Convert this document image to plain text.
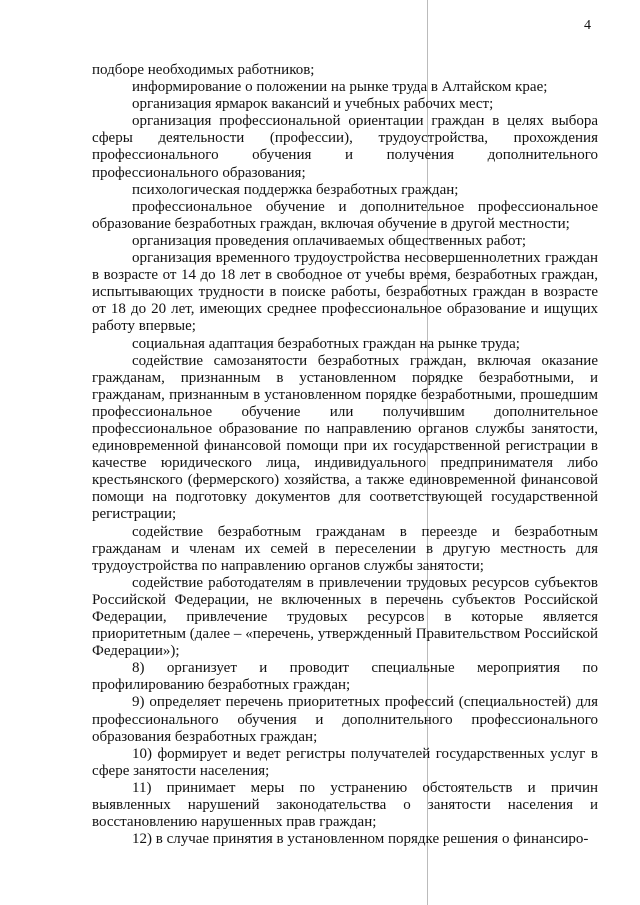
4

подборе необходимых работников;

информирование о положении на рынке труда в Алтайском крае;

организация ярмарок вакансий и учебных рабочих мест;

организация профессиональной ориентации граждан в целях выбора сферы деятельности (профессии), трудоустройства, прохождения профессионального обучения и получения дополнительного профессионального образования;

психологическая поддержка безработных граждан;

профессиональное обучение и дополнительное профессиональное образование безработных граждан, включая обучение в другой местности;

организация проведения оплачиваемых общественных работ;

организация временного трудоустройства несовершеннолетних граждан в возрасте от 14 до 18 лет в свободное от учебы время, безработных граждан, испытывающих трудности в поиске работы, безработных граждан в возрасте от 18 до 20 лет, имеющих среднее профессиональное образование и ищущих работу впервые;

социальная адаптация безработных граждан на рынке труда;

содействие самозанятости безработных граждан, включая оказание гражданам, признанным в установленном порядке безработными, и гражданам, признанным в установленном порядке безработными, прошедшим профессиональное обучение или получившим дополнительное профессиональное образование по направлению органов службы занятости, единовременной финансовой помощи при их государственной регистрации в качестве юридического лица, индивидуального предпринимателя либо крестьянского (фермерского) хозяйства, а также единовременной финансовой помощи на подготовку документов для соответствующей государственной регистрации;

содействие безработным гражданам в переезде и безработным гражданам и членам их семей в переселении в другую местность для трудоустройства по направлению органов службы занятости;

содействие работодателям в привлечении трудовых ресурсов субъектов Российской Федерации, не включенных в перечень субъектов Российской Федерации, привлечение трудовых ресурсов в которые является приоритетным (далее – «перечень, утвержденный Правительством Российской Федерации»);

8) организует и проводит специальные мероприятия по профилированию безработных граждан;

9) определяет перечень приоритетных профессий (специальностей) для профессионального обучения и дополнительного профессионального образования безработных граждан;

10) формирует и ведет регистры получателей государственных услуг в сфере занятости населения;

11) принимает меры по устранению обстоятельств и причин выявленных нарушений законодательства о занятости населения и восстановлению нарушенных прав граждан;

12) в случае принятия в установленном порядке решения о финансиро-
